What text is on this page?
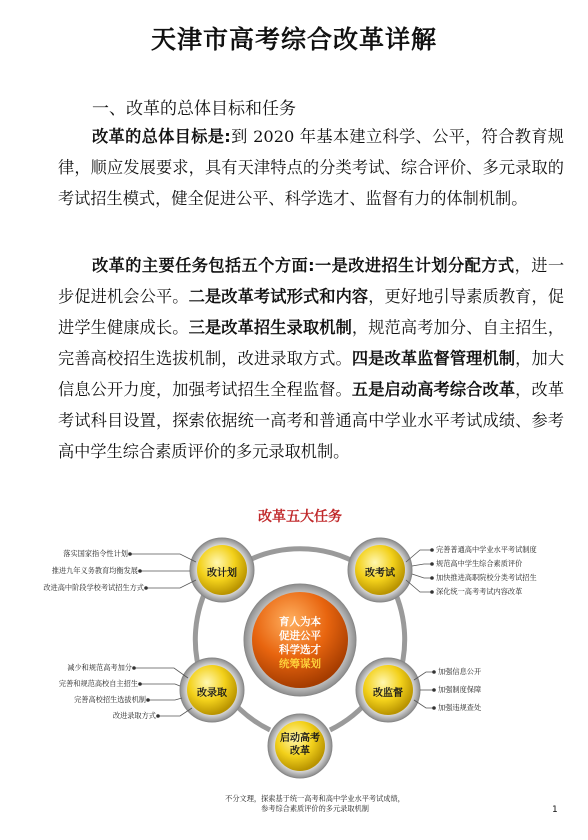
天津市高考综合改革详解
一、改革的总体目标和任务

改革的总体目标是:到 2020 年基本建立科学、公平，符合教育规律，顺应发展要求，具有天津特点的分类考试、综合评价、多元录取的考试招生模式，健全促进公平、科学选才、监督有力的体制机制。

改革的主要任务包括五个方面:一是改进招生计划分配方式，进一步促进机会公平。二是改革考试形式和内容，更好地引导素质教育，促进学生健康成长。三是改革招生录取机制，规范高考加分、自主招生，完善高校招生选拔机制，改进录取方式。四是改革监督管理机制，加大信息公开力度，加强考试招生全程监督。五是启动高考综合改革，改革考试科目设置，探索依据统一高考和普通高中学业水平考试成绩、参考高中学生综合素质评价的多元录取机制。

改革五大任务
育人为本
促进公平
科学选才
统筹谋划
改计划	改考试
改录取	改监督
启动高考
改革
落实国家指令性计划
推进九年义务教育均衡发展
改进高中阶段学校考试招生方式
完善普通高中学业水平考试制度
规范高中学生综合素质评价
加快推进高职院校分类考试招生
深化统一高考考试内容改革
减少和规范高考加分
完善和规范高校自主招生
完善高校招生选拔机制
改进录取方式
加强信息公开
加强制度保障
加强违规查处
不分文理，探索基于统一高考和高中学业水平考试成绩，
参考综合素质评价的多元录取机制	1
